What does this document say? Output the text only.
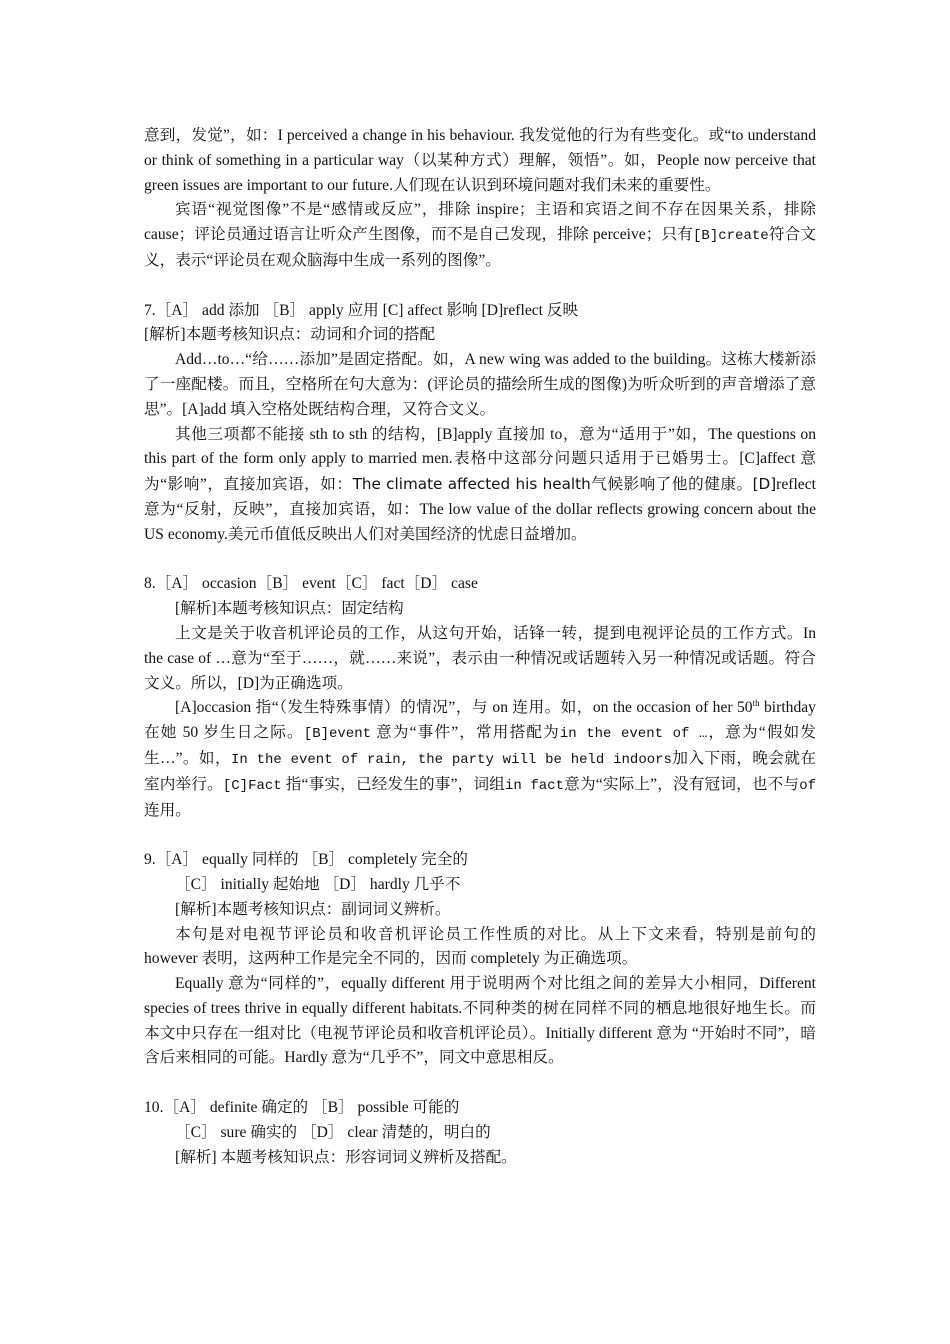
意到，发觉”，如：I perceived a change in his behaviour. 我发觉他的行为有些变化。或“to understand or think of something in a particular way（以某种方式）理解，领悟”。如，People now perceive that green issues are important to our future.人们现在认识到环境问题对我们未来的重要性。

宾语“视觉图像”不是“感情或反应”，排除 inspire；主语和宾语之间不存在因果关系，排除 cause；评论员通过语言让听众产生图像，而不是自己发现，排除 perceive；只有[B]create符合文义，表示“评论员在观众脑海中生成一系列的图像”。

7.［A］ add 添加 ［B］ apply 应用 [C] affect 影响 [D]reflect 反映

[解析]本题考核知识点：动词和介词的搭配

Add…to…“给……添加”是固定搭配。如，A new wing was added to the building。这栋大楼新添了一座配楼。而且，空格所在句大意为：(评论员的描绘所生成的图像)为听众听到的声音增添了意思”。[A]add 填入空格处既结构合理，又符合文义。

其他三项都不能接 sth to sth 的结构，[B]apply 直接加 to，意为“适用于”如，The questions on this part of the form only apply to married men.表格中这部分问题只适用于已婚男士。[C]affect 意为“影响”，直接加宾语，如：The climate affected his health气候影响了他的健康。[D]reflect 意为“反射，反映”，直接加宾语，如：The low value of the dollar reflects growing concern about the US economy.美元币值低反映出人们对美国经济的忧虑日益增加。

8.［A］ occasion［B］ event［C］ fact［D］ case

[解析]本题考核知识点：固定结构

上文是关于收音机评论员的工作，从这句开始，话锋一转，提到电视评论员的工作方式。In the case of …意为“至于……，就……来说”，表示由一种情况或话题转入另一种情况或话题。符合文义。所以，[D]为正确选项。

[A]occasion 指“（发生特殊事情）的情况”，与 on 连用。如，on the occasion of her 50th birthday 在她 50 岁生日之际。[B]event 意为“事件”，常用搭配为in the event of …，意为“假如发生…”。如，In the event of rain, the party will be held indoors加入下雨，晚会就在室内举行。[C]Fact 指“事实，已经发生的事”，词组in fact意为“实际上”，没有冠词，也不与of 连用。

9.［A］ equally 同样的 ［B］ completely 完全的

［C］ initially 起始地 ［D］ hardly 几乎不

[解析]本题考核知识点：副词词义辨析。

本句是对电视节评论员和收音机评论员工作性质的对比。从上下文来看，特别是前句的 however 表明，这两种工作是完全不同的，因而 completely 为正确选项。

Equally 意为“同样的”，equally different 用于说明两个对比组之间的差异大小相同，Different species of trees thrive in equally different habitats.不同种类的树在同样不同的栖息地很好地生长。而本文中只存在一组对比（电视节评论员和收音机评论员）。Initially different 意为 “开始时不同”，暗含后来相同的可能。Hardly 意为“几乎不”，同文中意思相反。

10.［A］ definite 确定的 ［B］ possible 可能的

［C］ sure 确实的 ［D］ clear 清楚的，明白的

[解析] 本题考核知识点：形容词词义辨析及搭配。
